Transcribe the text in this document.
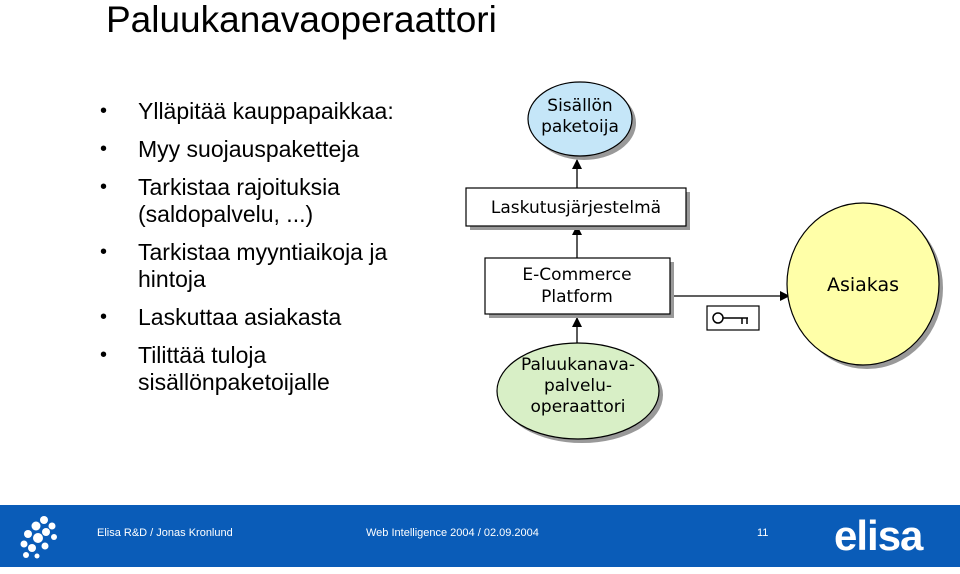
Paluukanavaoperaattori
• Ylläpitää kauppapaikkaa:
• Myy suojauspaketteja
• Tarkistaa rajoituksia
(saldopalvelu, ...)
• Tarkistaa myyntiaikoja ja
hintoja
• Laskuttaa asiakasta
• Tilittää tuloja
sisällönpaketoijalle
Sisällön
paketoija
Laskutusjärjestelmä
E-Commerce
Platform
Paluukanava-
palvelu-
operaattori
Asiakas
Elisa R&D / Jonas Kronlund	Web Intelligence 2004 / 02.09.2004	11 elisa
